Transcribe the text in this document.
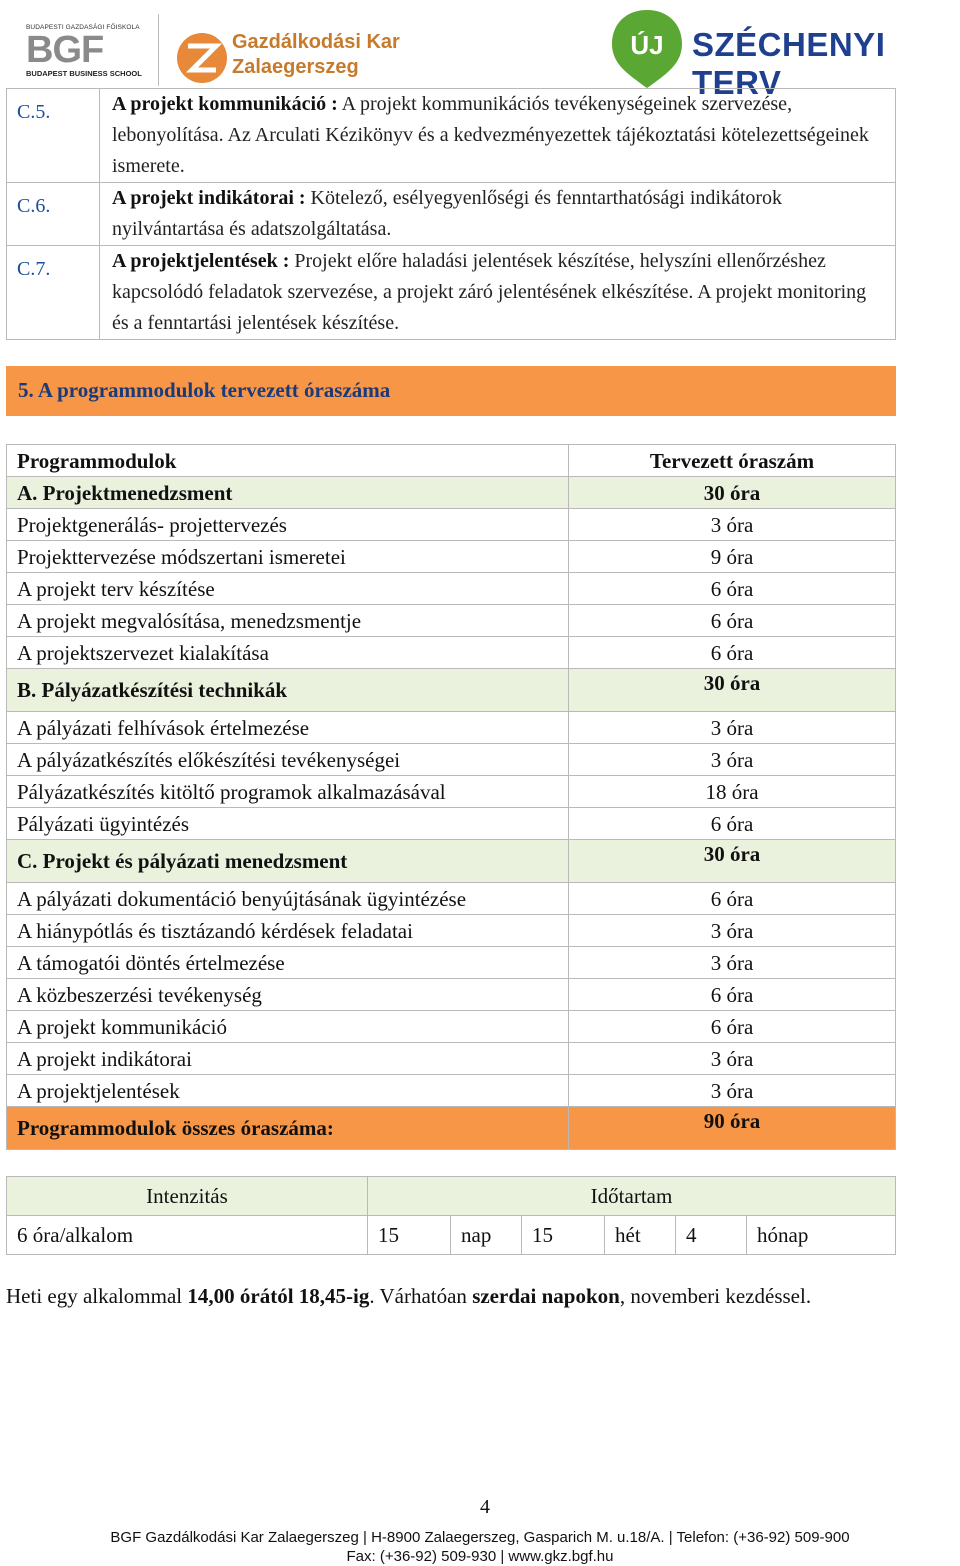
BUDAPESTI GAZDASÁGI FŐISKOLA
BGF
BUDAPEST BUSINESS SCHOOL
Gazdálkodási Kar
Zalaegerszeg
ÚJ SZÉCHENYI TERV
C.5.	A projekt kommunikáció : A projekt kommunikációs tevékenységeinek szervezése, lebonyolítása. Az Arculati Kézikönyv és a kedvezményezettek tájékoztatási kötelezettségeinek ismerete.
C.6.	A projekt indikátorai : Kötelező, esélyegyenlőségi és fenntarthatósági indikátorok nyilvántartása és adatszolgáltatása.
C.7.	A projektjelentések : Projekt előre haladási jelentések készítése, helyszíni ellenőrzéshez kapcsolódó feladatok szervezése, a projekt záró jelentésének elkészítése. A projekt monitoring és a fenntartási jelentések készítése.
5. A programmodulok tervezett óraszáma
Programmodulok	Tervezett óraszám
A. Projektmenedzsment	30 óra
Projektgenerálás- projettervezés	3 óra
Projekttervezése módszertani ismeretei	9 óra
A projekt terv készítése	6 óra
A projekt megvalósítása, menedzsmentje	6 óra
A projektszervezet kialakítása	6 óra
B. Pályázatkészítési technikák	30 óra
A pályázati felhívások értelmezése	3 óra
A pályázatkészítés előkészítési tevékenységei	3 óra
Pályázatkészítés kitöltő programok alkalmazásával	18 óra
Pályázati ügyintézés	6 óra
C. Projekt és pályázati menedzsment	30 óra
A pályázati dokumentáció benyújtásának ügyintézése	6 óra
A hiánypótlás és tisztázandó kérdések feladatai	3 óra
A támogatói döntés értelmezése	3 óra
A közbeszerzési tevékenység	6 óra
A projekt kommunikáció	6 óra
A projekt indikátorai	3 óra
A projektjelentések	3 óra
Programmodulok összes óraszáma:	90 óra
Intenzitás	Időtartam					
6 óra/alkalom	15	nap	15	hét	4	hónap
Heti egy alkalommal 14,00 órától 18,45-ig. Várhatóan szerdai napokon, novemberi kezdéssel.
4
BGF Gazdálkodási Kar Zalaegerszeg | H-8900 Zalaegerszeg, Gasparich M. u.18/A. | Telefon: (+36-92) 509-900
Fax: (+36-92) 509-930 | www.gkz.bgf.hu
